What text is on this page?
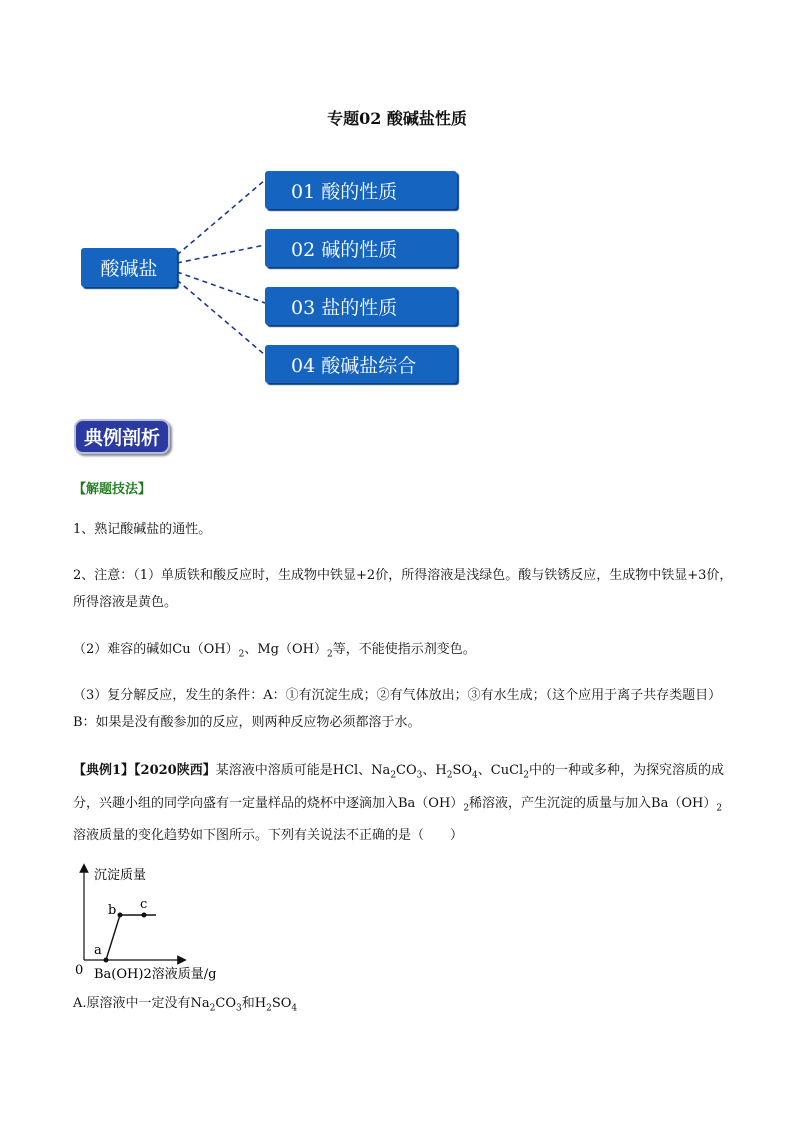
专题02 酸碱盐性质
酸碱盐
01 酸的性质
02 碱的性质
03 盐的性质
04 酸碱盐综合
典例剖析
【解题技法】
1、熟记酸碱盐的通性。
2、注意：（1）单质铁和酸反应时，生成物中铁显+2价，所得溶液是浅绿色。酸与铁锈反应，生成物中铁显+3价，所得溶液是黄色。
（2）难容的碱如$Cu(OH)_2$、$Mg(OH)_2$等，不能使指示剂变色。
（3）复分解反应，发生的条件：A：①有沉淀生成；②有气体放出；③有水生成；（这个应用于离子共存类题目）B：如果是没有酸参加的反应，则两种反应物必须都溶于水。
【典例1】【2020陕西】某溶液中溶质可能是HCl、$Na_2CO_3$、$H_2SO_4$、CuCl$_2$中的一种或多种，为探究溶质的成分，兴趣小组的同学向盛有一定量样品的烧杯中逐滴加入$Ba(OH)_2$稀溶液，产生沉淀的质量与加入$Ba(OH)_2$溶液质量的变化趋势如下图所示。下列有关说法不正确的是（　　）
沉淀质量
a
b c
0 Ba(OH)2溶液质量/g
A.原溶液中一定没有$Na_2CO_3$和$H_2SO_4$
